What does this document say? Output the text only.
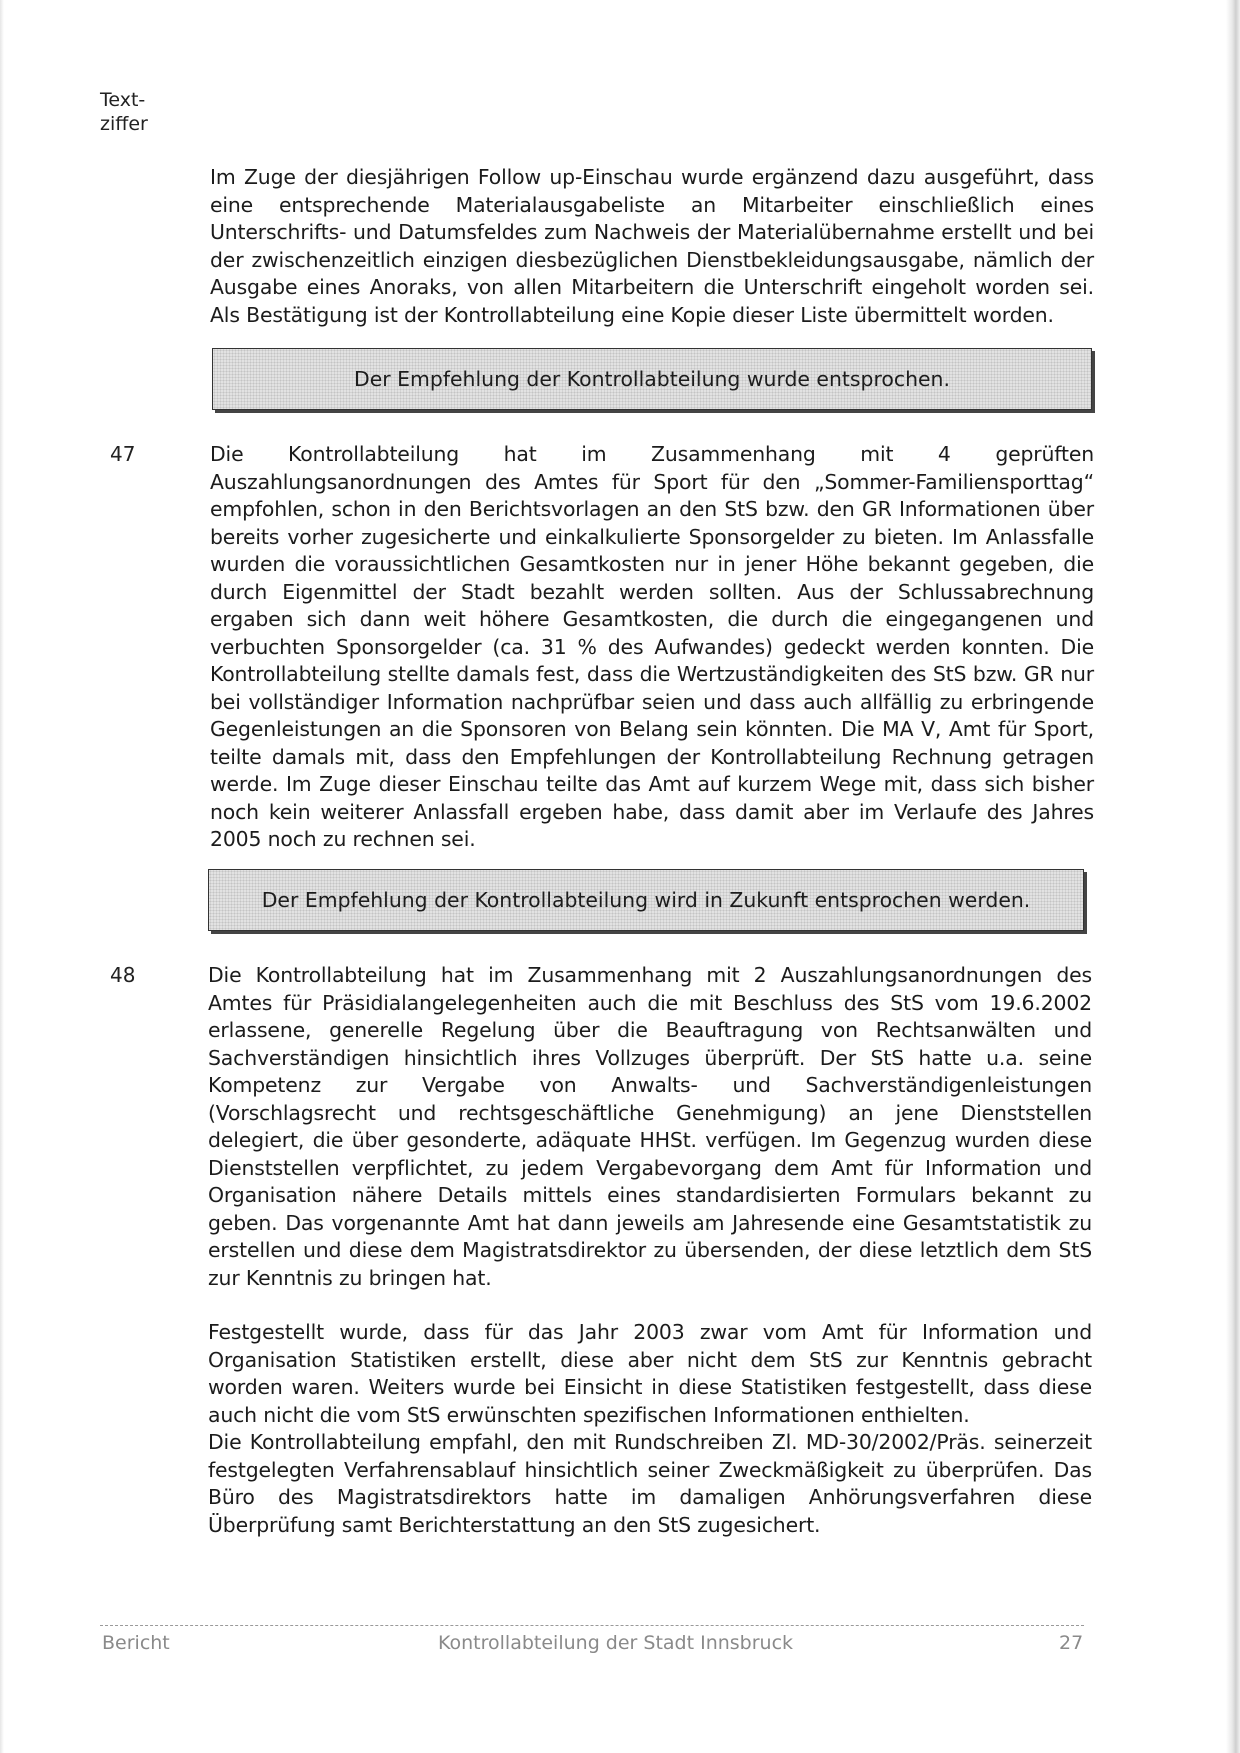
Text-
ziffer

Im Zuge der diesjährigen Follow up-Einschau wurde ergänzend dazu ausgeführt, dass eine entsprechende Materialausgabeliste an Mitarbeiter einschließlich eines Unterschrifts- und Datumsfeldes zum Nachweis der Materialübernahme erstellt und bei der zwischenzeitlich einzigen diesbezüglichen Dienstbekleidungsausgabe, nämlich der Ausgabe eines Anoraks, von allen Mitarbeitern die Unterschrift eingeholt worden sei. Als Bestätigung ist der Kontrollabteilung eine Kopie dieser Liste übermittelt worden.

Der Empfehlung der Kontrollabteilung wurde entsprochen.
47	Die Kontrollabteilung hat im Zusammenhang mit 4 geprüften Auszahlungsanordnungen des Amtes für Sport für den „Sommer-Familiensporttag“ empfohlen, schon in den Berichtsvorlagen an den StS bzw. den GR Informationen über bereits vorher zugesicherte und einkalkulierte Sponsorgelder zu bieten. Im Anlassfalle wurden die voraussichtlichen Gesamtkosten nur in jener Höhe bekannt gegeben, die durch Eigenmittel der Stadt bezahlt werden sollten. Aus der Schlussabrechnung ergaben sich dann weit höhere Gesamtkosten, die durch die eingegangenen und verbuchten Sponsorgelder (ca. 31 % des Aufwandes) gedeckt werden konnten. Die Kontrollabteilung stellte damals fest, dass die Wertzuständigkeiten des StS bzw. GR nur bei vollständiger Information nachprüfbar seien und dass auch allfällig zu erbringende Gegenleistungen an die Sponsoren von Belang sein könnten. Die MA V, Amt für Sport, teilte damals mit, dass den Empfehlungen der Kontrollabteilung Rechnung getragen werde. Im Zuge dieser Einschau teilte das Amt auf kurzem Wege mit, dass sich bisher noch kein weiterer Anlassfall ergeben habe, dass damit aber im Verlaufe des Jahres 2005 noch zu rechnen sei.

Der Empfehlung der Kontrollabteilung wird in Zukunft entsprochen werden.
48	Die Kontrollabteilung hat im Zusammenhang mit 2 Auszahlungsanordnungen des Amtes für Präsidialangelegenheiten auch die mit Beschluss des StS vom 19.6.2002 erlassene, generelle Regelung über die Beauftragung von Rechtsanwälten und Sachverständigen hinsichtlich ihres Vollzuges überprüft. Der StS hatte u.a. seine Kompetenz zur Vergabe von Anwalts- und Sachverständigenleistungen (Vorschlagsrecht und rechtsgeschäftliche Genehmigung) an jene Dienststellen delegiert, die über gesonderte, adäquate HHSt. verfügen. Im Gegenzug wurden diese Dienststellen verpflichtet, zu jedem Vergabevorgang dem Amt für Information und Organisation nähere Details mittels eines standardisierten Formulars bekannt zu geben. Das vorgenannte Amt hat dann jeweils am Jahresende eine Gesamtstatistik zu erstellen und diese dem Magistratsdirektor zu übersenden, der diese letztlich dem StS zur Kenntnis zu bringen hat.

Festgestellt wurde, dass für das Jahr 2003 zwar vom Amt für Information und Organisation Statistiken erstellt, diese aber nicht dem StS zur Kenntnis gebracht worden waren. Weiters wurde bei Einsicht in diese Statistiken festgestellt, dass diese auch nicht die vom StS erwünschten spezifischen Informationen enthielten.

Die Kontrollabteilung empfahl, den mit Rundschreiben Zl. MD-30/2002/Präs. seinerzeit festgelegten Verfahrensablauf hinsichtlich seiner Zweckmäßigkeit zu überprüfen. Das Büro des Magistratsdirektors hatte im damaligen Anhörungsverfahren diese Überprüfung samt Berichterstattung an den StS zugesichert.

Bericht	Kontrollabteilung der Stadt Innsbruck	27
